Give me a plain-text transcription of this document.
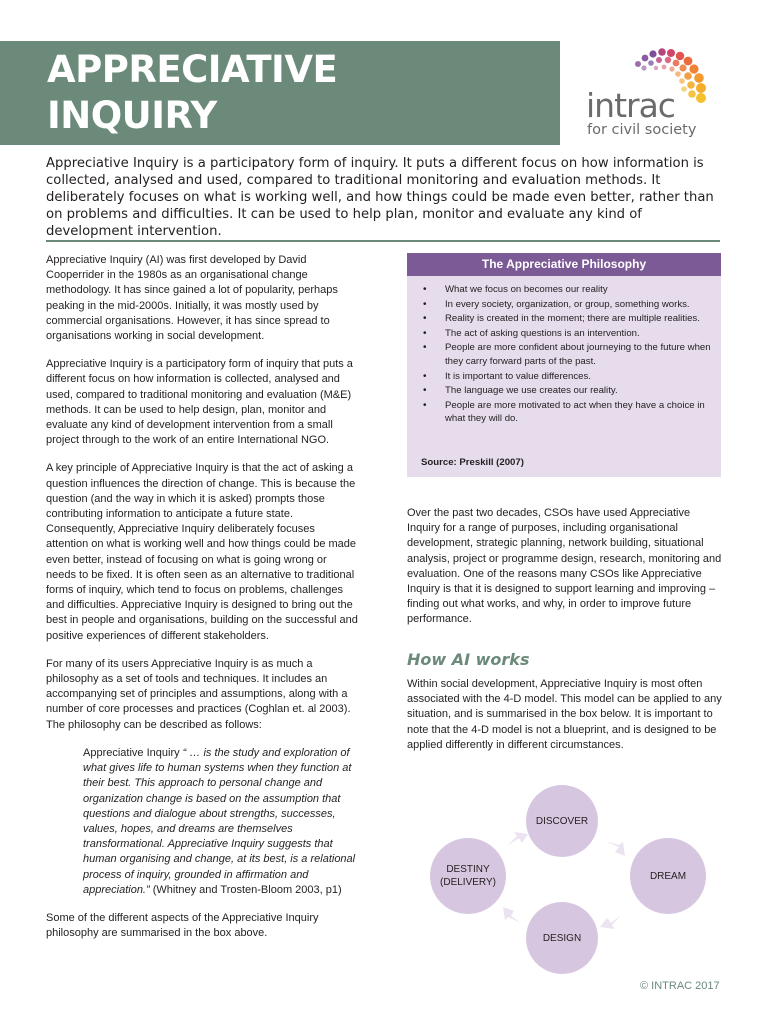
APPRECIATIVE
INQUIRY	intrac
for civil society

Appreciative Inquiry is a participatory form of inquiry. It puts a different focus on how information is collected, analysed and used, compared to traditional monitoring and evaluation methods. It deliberately focuses on what is working well, and how things could be made even better, rather than on problems and difficulties. It can be used to help plan, monitor and evaluate any kind of development intervention.

Appreciative Inquiry (AI) was first developed by David Cooperrider in the 1980s as an organisational change methodology. It has since gained a lot of popularity, perhaps peaking in the mid-2000s. Initially, it was mostly used by commercial organisations. However, it has since spread to organisations working in social development.

Appreciative Inquiry is a participatory form of inquiry that puts a different focus on how information is collected, analysed and used, compared to traditional monitoring and evaluation (M&E) methods. It can be used to help design, plan, monitor and evaluate any kind of development intervention from a small project through to the work of an entire International NGO.

A key principle of Appreciative Inquiry is that the act of asking a question influences the direction of change. This is because the question (and the way in which it is asked) prompts those contributing information to anticipate a future state. Consequently, Appreciative Inquiry deliberately focuses attention on what is working well and how things could be made even better, instead of focusing on what is going wrong or needs to be fixed. It is often seen as an alternative to traditional forms of inquiry, which tend to focus on problems, challenges and difficulties. Appreciative Inquiry is designed to bring out the best in people and organisations, building on the successful and positive experiences of different stakeholders.

For many of its users Appreciative Inquiry is as much a philosophy as a set of tools and techniques. It includes an accompanying set of principles and assumptions, along with a number of core processes and practices (Coghlan et. al 2003). The philosophy can be described as follows:

Appreciative Inquiry “ … is the study and exploration of what gives life to human systems when they function at their best. This approach to personal change and organization change is based on the assumption that questions and dialogue about strengths, successes, values, hopes, and dreams are themselves transformational. Appreciative Inquiry suggests that human organising and change, at its best, is a relational process of inquiry, grounded in affirmation and appreciation.” (Whitney and Trosten-Bloom 2003, p1)

Some of the different aspects of the Appreciative Inquiry philosophy are summarised in the box above.

The Appreciative Philosophy
• What we focus on becomes our reality
• In every society, organization, or group, something works.
• Reality is created in the moment; there are multiple realities.
• The act of asking questions is an intervention.
• People are more confident about journeying to the future when they carry forward parts of the past.
• It is important to value differences.
• The language we use creates our reality.
• People are more motivated to act when they have a choice in what they will do.
Source: Preskill (2007)

Over the past two decades, CSOs have used Appreciative Inquiry for a range of purposes, including organisational development, strategic planning, network building, situational analysis, project or programme design, research, monitoring and evaluation. One of the reasons many CSOs like Appreciative Inquiry is that it is designed to support learning and improving – finding out what works, and why, in order to improve future performance.

How AI works

Within social development, Appreciative Inquiry is most often associated with the 4-D model. This model can be applied to any situation, and is summarised in the box below. It is important to note that the 4-D model is not a blueprint, and is designed to be applied differently in different circumstances.

DISCOVER
DREAM
DESIGN
DESTINY
(DELIVERY)
© INTRAC 2017
